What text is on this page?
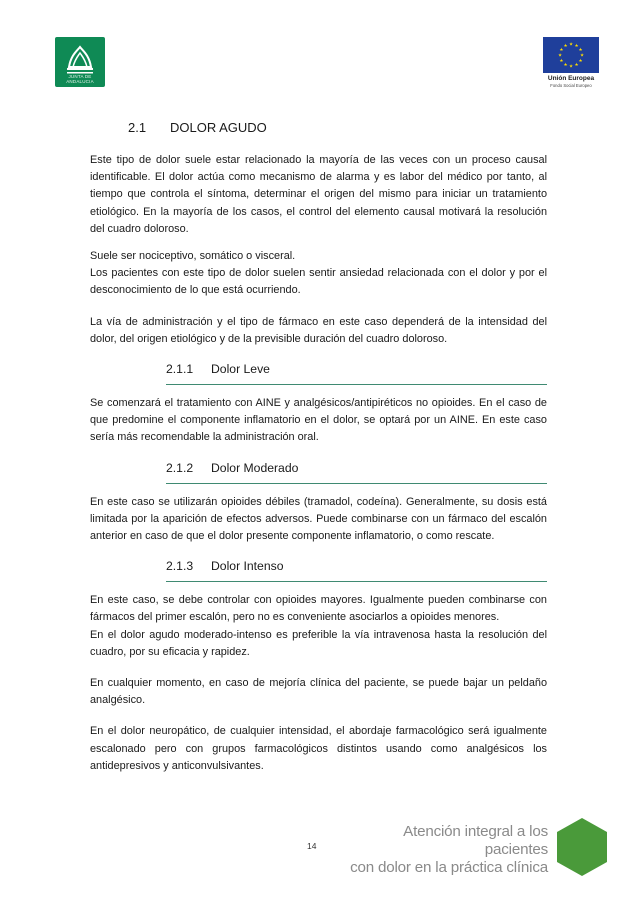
JUNTA DE ANDALUCIA
★ ★
★
★
★
★
★
★
★
★
★
★
Unión Europea
Fondo Social Europeo
2.1 DOLOR AGUDO

Este tipo de dolor suele estar relacionado la mayoría de las veces con un proceso causal identificable. El dolor actúa como mecanismo de alarma y es labor del médico por tanto, al tiempo que controla el síntoma, determinar el origen del mismo para iniciar un tratamiento etiológico. En la mayoría de los casos, el control del elemento causal motivará la resolución del cuadro doloroso.

Suele ser nociceptivo, somático o visceral.

Los pacientes con este tipo de dolor suelen sentir ansiedad relacionada con el dolor y por el desconocimiento de lo que está ocurriendo.

La vía de administración y el tipo de fármaco en este caso dependerá de la intensidad del dolor, del origen etiológico y de la previsible duración del cuadro doloroso.

2.1.1 Dolor Leve

Se comenzará el tratamiento con AINE y analgésicos/antipiréticos no opioides. En el caso de que predomine el componente inflamatorio en el dolor, se optará por un AINE. En este caso sería más recomendable la administración oral.

2.1.2 Dolor Moderado

En este caso se utilizarán opioides débiles (tramadol, codeína). Generalmente, su dosis está limitada por la aparición de efectos adversos. Puede combinarse con un fármaco del escalón anterior en caso de que el dolor presente componente inflamatorio, o como rescate.

2.1.3 Dolor Intenso

En este caso, se debe controlar con opioides mayores. Igualmente pueden combinarse con fármacos del primer escalón, pero no es conveniente asociarlos a opioides menores.

En el dolor agudo moderado-intenso es preferible la vía intravenosa hasta la resolución del cuadro, por su eficacia y rapidez.

En cualquier momento, en caso de mejoría clínica del paciente, se puede bajar un peldaño analgésico.

En el dolor neuropático, de cualquier intensidad, el abordaje farmacológico será igualmente escalonado pero con grupos farmacológicos distintos usando como analgésicos los antidepresivos y anticonvulsivantes.

14
Atención integral a los pacientes
con dolor en la práctica clínica
